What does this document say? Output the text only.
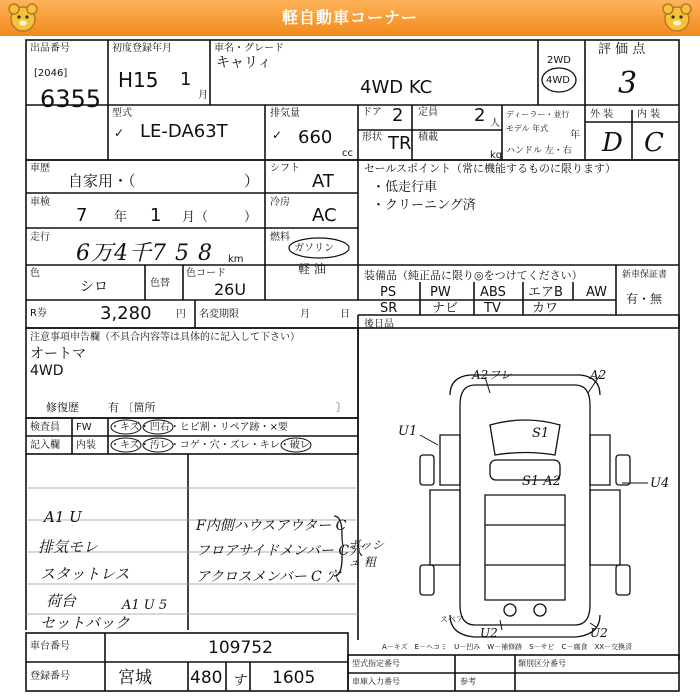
軽自動車コーナー
出品番号
[2046]
6355
初度登録年月
H15 1
月
車名・グレード
キャリィ
4WD KC
2WD
4WD
評 価 点
3
型式
✓ LE-DA63T
排気量
✓ 660
cc
ドア 2 定員 2 人
形状 TR 積載
kg
ディーラー・並行
モデル 年式
年
ハンドル 左・右
外 装 内 装
D C
車歴
自家用・（	）
車検
7 年 1 月（	）
走行
6万4千7 5 8 km
色
シロ	色替
色コード
26U
R券	3,280 円 名変期限	月	日
シフト
AT
冷房
AC
燃料
ガソリン
軽 油
セールスポイント（常に機能するものに限ります）
・低走行車
・クリーニング済
装備品（純正品に限り◎をつけてください）
PS	PW ABS エアB AW
SR	ナビ TV カワ
新車保証書
有・無
後日品
注意事項申告欄（不具合内容等は具体的に記入して下さい）
オートマ
4WD
修復歴	有 〔箇所	〕
検査員
記入欄
FW ・キズ・凹右・ヒビ割・リペア跡・×要
内装 ・キズ・汚レ・コゲ・穴・ズレ・キレ・破レ
A1 U
排気モレ
スタットレス
荷台
セットバック
A1 U 5
F内側ハウスアウター C
フロアサイドメンバー C穴
アクロスメンバー C 穴
ボッシュ 粗
A2フレ	A2
U1	S1
S1 A2	U4
U2	U2
スペア
A－キズ　E－ヘコミ　U－凹み　W－補修跡　S－サビ　C－腐食　XX－交換済
車台番号	109752
登録番号	宮城 480 す 1605
型式指定番号	類別区分番号
車庫入力番号	参考
